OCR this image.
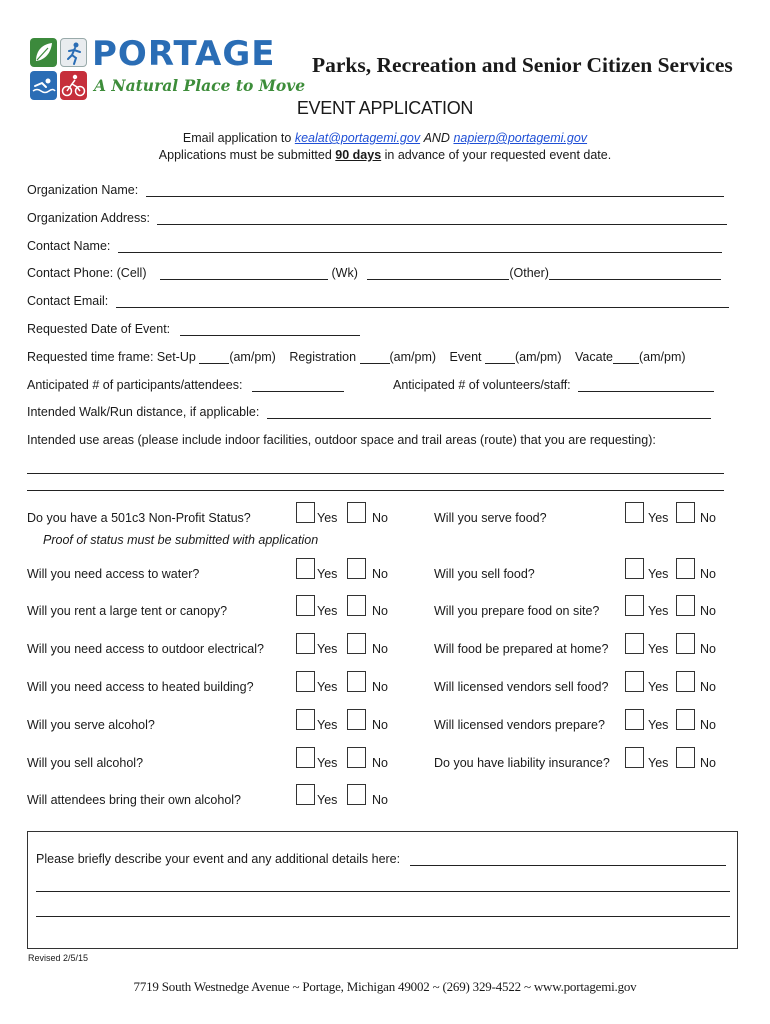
PORTAGE
A Natural Place to Move
Parks, Recreation and Senior Citizen Services
EVENT APPLICATION
Email application to kealat@portagemi.gov AND napierp@portagemi.gov
Applications must be submitted 90 days in advance of your requested event date.
Organization Name:
Organization Address:
Contact Name:
Contact Phone: (Cell)	(Wk)	(Other)
Contact Email:
Requested Date of Event:
Requested time frame: Set-Up	(am/pm) Registration	(am/pm) Event	(am/pm) Vacate (am/pm)
Anticipated # of participants/attendees:	Anticipated # of volunteers/staff:
Intended Walk/Run distance, if applicable:
Intended use areas (please include indoor facilities, outdoor space and trail areas (route) that you are requesting):
Do you have a 501c3 Non-Profit Status?	Yes	No
Proof of status must be submitted with application
Will you need access to water?	Yes	No
Will you rent a large tent or canopy?	Yes	No
Will you need access to outdoor electrical?	Yes	No
Will you need access to heated building?	Yes	No
Will you serve alcohol?	Yes	No
Will you sell alcohol?	Yes	No
Will attendees bring their own alcohol?	Yes	No
Will you serve food?	Yes	No
Will you sell food?	Yes	No
Will you prepare food on site?	Yes	No
Will food be prepared at home?	Yes	No
Will licensed vendors sell food?	Yes	No
Will licensed vendors prepare?	Yes	No
Do you have liability insurance?	Yes	No
Please briefly describe your event and any additional details here:
Revised 2/5/15
7719 South Westnedge Avenue ~ Portage, Michigan 49002 ~ (269) 329-4522 ~ www.portagemi.gov
